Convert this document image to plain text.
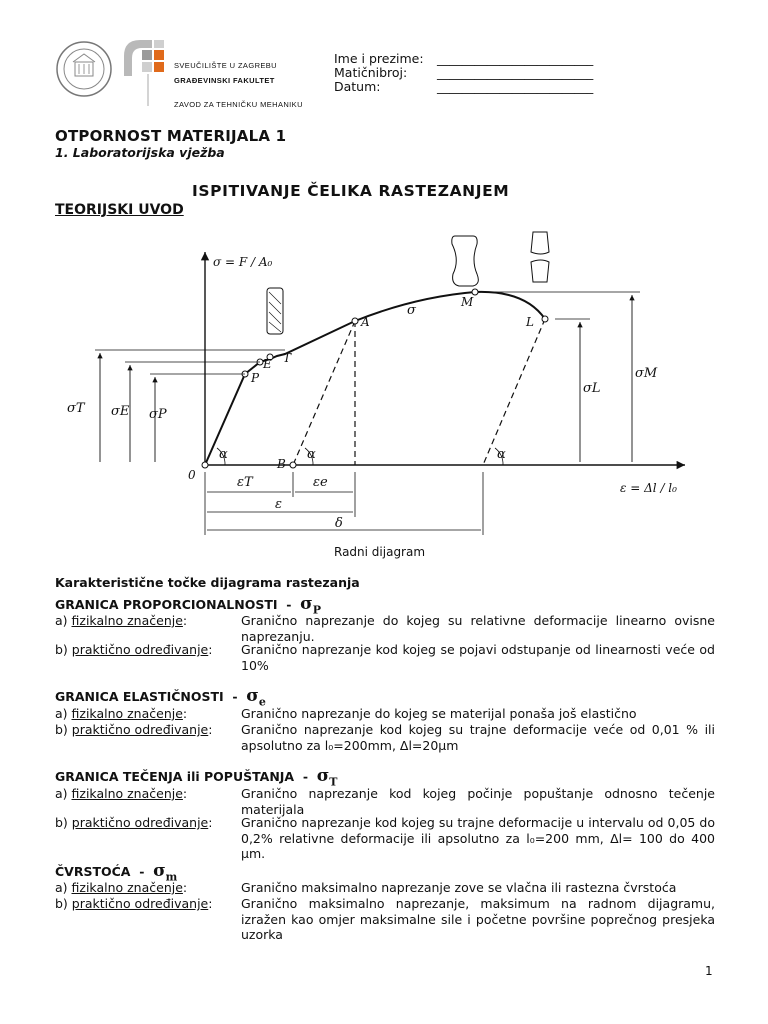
SVEUČILIŠTE U ZAGREBU
GRAĐEVINSKI FAKULTET
ZAVOD ZA TEHNIČKU MEHANIKU
Ime i prezime: _________________________
Matičnibroj: _________________________
Datum:	_________________________
OTPORNOST MATERIJALA 1
1. Laboratorijska vježba
ISPITIVANJE ČELIKA RASTEZANJEM
TEORIJSKI UVOD
σ = F / A₀
ε = Δl / l₀
0
P
E T
A
M
L
B
σT σE σP
σL
σM
σ
εT	εe
ε
δ
α	α	α
Radni dijagram
Karakteristične točke dijagrama rastezanja
GRANICA PROPORCIONALNOSTI  -  $\sigma_P$
a) fizikalno značenje:	Granično naprezanje do kojeg su relativne deformacije linearno ovisne naprezanju.
b) praktično određivanje:	Granično naprezanje kod kojeg se pojavi odstupanje od linearnosti veće od 10%
GRANICA ELASTIČNOSTI  -  $\sigma_e$
a) fizikalno značenje:	Granično naprezanje do kojeg se materijal ponaša još elastično
b) praktično određivanje:	Granično naprezanje kod kojeg su trajne deformacije veće od 0,01 % ili apsolutno za l₀=200mm, Δl=20μm
GRANICA TEČENJA ili POPUŠTANJA  -  $\sigma_T$
a) fizikalno značenje:	Granično naprezanje kod kojeg počinje popuštanje odnosno tečenje materijala
b) praktično određivanje:	Granično naprezanje kod kojeg su trajne deformacije u intervalu od 0,05 do 0,2% relativne deformacije ili apsolutno za l₀=200 mm, Δl= 100 do 400 μm.
ČVRSTOĆA  -  $\sigma_m$
a) fizikalno značenje:	Granično maksimalno naprezanje zove se vlačna ili rastezna čvrstoća
b) praktično određivanje:	Granično maksimalno naprezanje, maksimum na radnom dijagramu, izražen kao omjer maksimalne sile i početne površine poprečnog presjeka uzorka
1
